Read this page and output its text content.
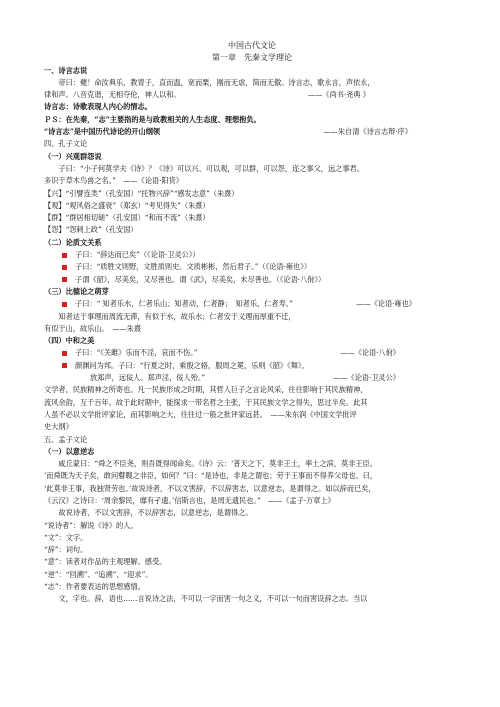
中国古代文论
第一章　先秦文学理论
一、诗言志说
　　帝曰：夔！命汝典乐，教胄子，直而温，宽而栗，刚而无虐，简而无傲。诗言志，歌永言，声依永，
律和声。八音克谐，无相夺伦，神人以和。	——《尚书·尧典 》
诗言志：诗歌表现人内心的情志。
ＰＳ：在先秦，“志”主要指的是与政教相关的人生态度、理想抱负。
“诗言志”是中国历代诗论的开山纲领	——朱自清《诗言志辩·序》
四、孔子文论
（一）兴观群怨说
　　子曰：“小子何莫学夫《诗》？《诗》可以兴、可以观，可以群，可以怨，迩之事父，远之事君。
多识于草木鸟兽之名。”　——《论语·阳货》
【兴】“引譬连类”（孔安国）“托物兴辞”“感发志意”（朱熹）
【观】“观风俗之盛衰”（郑玄）“考见得失”（朱熹）
【群】“群居相切磋”（孔安国）“和而不流”（朱熹）
【怨】“怨刺上政”（孔安国）
（二）论质文关系
子曰：“辞达而已矣”（《论语·卫灵公》）
子曰：“质胜文则野，文胜质则史。文质彬彬，然后君子。”（《论语·雍也》）
子谓《韶》，尽美矣，又尽善也。谓《武》，尽美矣，未尽善也。（《论语·八佾》）
（三）比德论之萌芽
子曰：“ 知者乐水，仁者乐山；知者动，仁者静；　知者乐，仁者寿。”	——《论语·雍也》
　　知者达于事理而周流无滞，有似于水，故乐水；仁者安于义理而厚重不迁，
有似于山，故乐山。　——朱熹
（四）中和之美
子曰：“《关雎》乐而不淫，哀而不伤。”	——《论语·八佾》
颜渊问为邦。子曰：“行夏之时，乘殷之辂，服周之冕，乐则《韶》《舞》。
放郑声，远佞人。郑声淫，佞人殆。”	——《论语·卫灵公》
文学者，民族精神之所寄也。凡一民族形成之时期，其哲人巨子之言论风采，往往影响于其民族精神，
流风余韵，互千百年。故于此时期中，能探求一带名哲之主张，于其民族文学之得失，思过半矣。此其
人虽不必以文学批评家论，而其影响之大，往往过一般之批评家远甚。　——朱东润《中国文学批评
史大纲》
五、孟子文论
（一）以意逆志
　　咸丘蒙曰：“舜之不臣尧，则吾既得闻命矣。《诗》云：‘普天之下，莫非王土，率土之滨，莫非王臣。
’而舜既为天子矣，敢问瞽瞍之非臣，如何？”曰：“是诗也，非是之谓也；劳于王事而不得养父母也。曰，
‘此莫非王事，我独贤劳也。’故说诗者，不以文害辞，不以辞害志，以意逆志，是谓得之。如以辞而已矣，
《云汉》之诗曰：‘周余黎民，靡有孑遗。’信斯言也，是周无遗民也。”　——《孟子·万章上》
　　故说诗者，不以文害辞，不以辞害志，以意逆志，是谓得之。
“说诗者”：解说《诗》的人。
“文”：文字。
“辞”：词句。
“意”：读者对作品的主观理解、感受。
“逆”：“回溯”、“追溯”、“迎求”。
“志”：作者要表达的思想感情。
　　文，字也。辞，语也……言说诗之法，不可以一字而害一句之义，不可以一句而害设辞之志。当以
